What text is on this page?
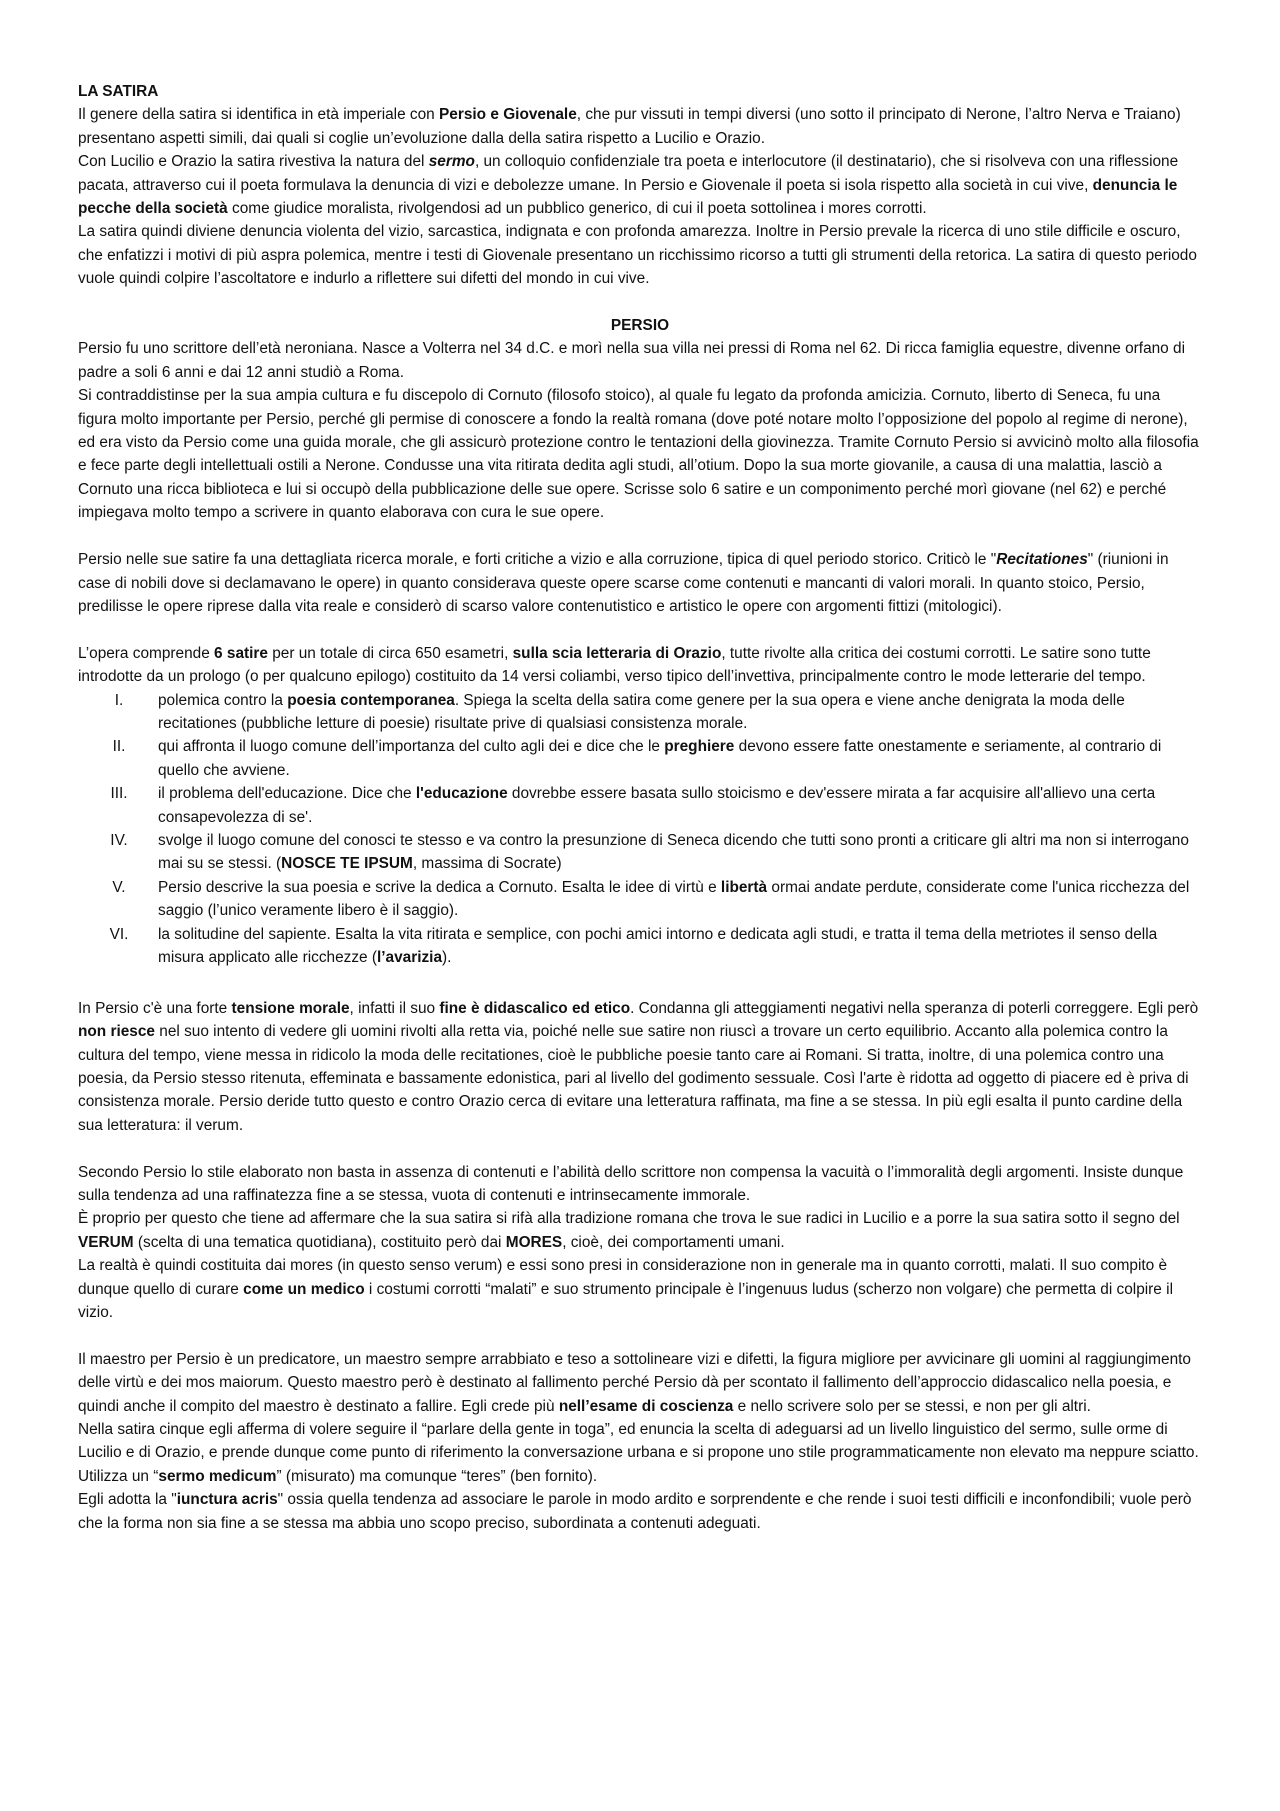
LA SATIRA

Il genere della satira si identifica in età imperiale con Persio e Giovenale, che pur vissuti in tempi diversi (uno sotto il principato di Nerone, l’altro Nerva e Traiano) presentano aspetti simili, dai quali si coglie un’evoluzione dalla della satira rispetto a Lucilio e Orazio.

Con Lucilio e Orazio la satira rivestiva la natura del sermo, un colloquio confidenziale tra poeta e interlocutore (il destinatario), che si risolveva con una riflessione pacata, attraverso cui il poeta formulava la denuncia di vizi e debolezze umane. In Persio e Giovenale il poeta si isola rispetto alla società in cui vive, denuncia le pecche della società come giudice moralista, rivolgendosi ad un pubblico generico, di cui il poeta sottolinea i mores corrotti.

La satira quindi diviene denuncia violenta del vizio, sarcastica, indignata e con profonda amarezza. Inoltre in Persio prevale la ricerca di uno stile difficile e oscuro, che enfatizzi i motivi di più aspra polemica, mentre i testi di Giovenale presentano un ricchissimo ricorso a tutti gli strumenti della retorica. La satira di questo periodo vuole quindi colpire l’ascoltatore e indurlo a riflettere sui difetti del mondo in cui vive.

PERSIO

Persio fu uno scrittore dell’età neroniana. Nasce a Volterra nel 34 d.C. e morì nella sua villa nei pressi di Roma nel 62. Di ricca famiglia equestre, divenne orfano di padre a soli 6 anni e dai 12 anni studiò a Roma.

Si contraddistinse per la sua ampia cultura e fu discepolo di Cornuto (filosofo stoico), al quale fu legato da profonda amicizia. Cornuto, liberto di Seneca, fu una figura molto importante per Persio, perché gli permise di conoscere a fondo la realtà romana (dove poté notare molto l’opposizione del popolo al regime di nerone), ed era visto da Persio come una guida morale, che gli assicurò protezione contro le tentazioni della giovinezza. Tramite Cornuto Persio si avvicinò molto alla filosofia e fece parte degli intellettuali ostili a Nerone. Condusse una vita ritirata dedita agli studi, all’otium. Dopo la sua morte giovanile, a causa di una malattia, lasciò a Cornuto una ricca biblioteca e lui si occupò della pubblicazione delle sue opere. Scrisse solo 6 satire e un componimento perché morì giovane (nel 62) e perché impiegava molto tempo a scrivere in quanto elaborava con cura le sue opere.

Persio nelle sue satire fa una dettagliata ricerca morale, e forti critiche a vizio e alla corruzione, tipica di quel periodo storico. Criticò le "Recitationes" (riunioni in case di nobili dove si declamavano le opere) in quanto considerava queste opere scarse come contenuti e mancanti di valori morali. In quanto stoico, Persio, predilisse le opere riprese dalla vita reale e considerò di scarso valore contenutistico e artistico le opere con argomenti fittizi (mitologici).

L’opera comprende 6 satire per un totale di circa 650 esametri, sulla scia letteraria di Orazio, tutte rivolte alla critica dei costumi corrotti. Le satire sono tutte introdotte da un prologo (o per qualcuno epilogo) costituito da 14 versi coliambi, verso tipico dell’invettiva, principalmente contro le mode letterarie del tempo.

I.	polemica contro la poesia contemporanea. Spiega la scelta della satira come genere per la sua opera e viene anche denigrata la moda delle recitationes (pubbliche letture di poesie) risultate prive di qualsiasi consistenza morale.
II.	qui affronta il luogo comune dell’importanza del culto agli dei e dice che le preghiere devono essere fatte onestamente e seriamente, al contrario di quello che avviene.
III.	il problema dell'educazione. Dice che l'educazione dovrebbe essere basata sullo stoicismo e dev'essere mirata a far acquisire all'allievo una certa consapevolezza di se'.
IV.	svolge il luogo comune del conosci te stesso e va contro la presunzione di Seneca dicendo che tutti sono pronti a criticare gli altri ma non si interrogano mai su se stessi. (NOSCE TE IPSUM, massima di Socrate)
V.	Persio descrive la sua poesia e scrive la dedica a Cornuto. Esalta le idee di virtù e libertà ormai andate perdute, considerate come l'unica ricchezza del saggio (l’unico veramente libero è il saggio).
VI.	la solitudine del sapiente. Esalta la vita ritirata e semplice, con pochi amici intorno e dedicata agli studi, e tratta il tema della metriotes il senso della misura applicato alle ricchezze (l’avarizia).

In Persio c'è una forte tensione morale, infatti il suo fine è didascalico ed etico. Condanna gli atteggiamenti negativi nella speranza di poterli correggere. Egli però non riesce nel suo intento di vedere gli uomini rivolti alla retta via, poiché nelle sue satire non riuscì a trovare un certo equilibrio. Accanto alla polemica contro la cultura del tempo, viene messa in ridicolo la moda delle recitationes, cioè le pubbliche poesie tanto care ai Romani. Si tratta, inoltre, di una polemica contro una poesia, da Persio stesso ritenuta, effeminata e bassamente edonistica, pari al livello del godimento sessuale. Così l'arte è ridotta ad oggetto di piacere ed è priva di consistenza morale. Persio deride tutto questo e contro Orazio cerca di evitare una letteratura raffinata, ma fine a se stessa. In più egli esalta il punto cardine della sua letteratura: il verum.

Secondo Persio lo stile elaborato non basta in assenza di contenuti e l’abilità dello scrittore non compensa la vacuità o l’immoralità degli argomenti. Insiste dunque sulla tendenza ad una raffinatezza fine a se stessa, vuota di contenuti e intrinsecamente immorale.

È proprio per questo che tiene ad affermare che la sua satira si rifà alla tradizione romana che trova le sue radici in Lucilio e a porre la sua satira sotto il segno del VERUM (scelta di una tematica quotidiana), costituito però dai MORES, cioè, dei comportamenti umani.

La realtà è quindi costituita dai mores (in questo senso verum) e essi sono presi in considerazione non in generale ma in quanto corrotti, malati. Il suo compito è dunque quello di curare come un medico i costumi corrotti “malati” e suo strumento principale è l’ingenuus ludus (scherzo non volgare) che permetta di colpire il vizio.

Il maestro per Persio è un predicatore, un maestro sempre arrabbiato e teso a sottolineare vizi e difetti, la figura migliore per avvicinare gli uomini al raggiungimento delle virtù e dei mos maiorum. Questo maestro però è destinato al fallimento perché Persio dà per scontato il fallimento dell’approccio didascalico nella poesia, e quindi anche il compito del maestro è destinato a fallire. Egli crede più nell’esame di coscienza e nello scrivere solo per se stessi, e non per gli altri.

Nella satira cinque egli afferma di volere seguire il “parlare della gente in toga”, ed enuncia la scelta di adeguarsi ad un livello linguistico del sermo, sulle orme di Lucilio e di Orazio, e prende dunque come punto di riferimento la conversazione urbana e si propone uno stile programmaticamente non elevato ma neppure sciatto. Utilizza un “sermo medicum” (misurato) ma comunque “teres” (ben fornito).

Egli adotta la "iunctura acris" ossia quella tendenza ad associare le parole in modo ardito e sorprendente e che rende i suoi testi difficili e inconfondibili; vuole però che la forma non sia fine a se stessa ma abbia uno scopo preciso, subordinata a contenuti adeguati.
